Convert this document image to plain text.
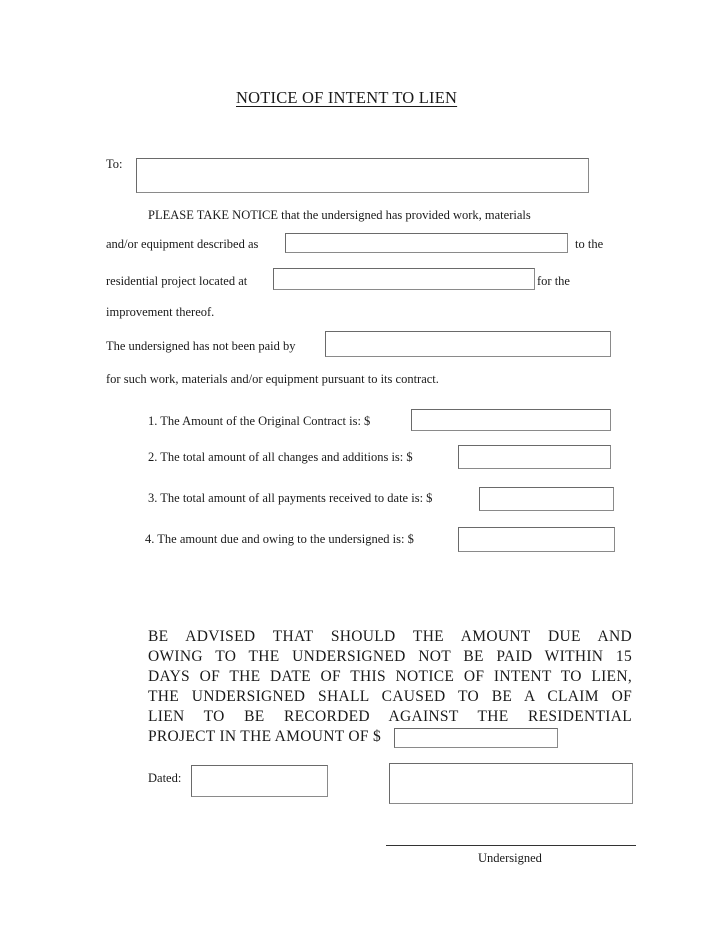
NOTICE OF INTENT TO LIEN
To:
PLEASE TAKE NOTICE that the undersigned has provided work, materials
and/or equipment described as	to the
residential project located at	for the
improvement thereof.
The undersigned has not been paid by
for such work, materials and/or equipment pursuant to its contract.
1. The Amount of the Original Contract is: $
2. The total amount of all changes and additions is: $
3. The total amount of all payments received to date is: $
4. The amount due and owing to the undersigned is: $
BE ADVISED THAT SHOULD THE AMOUNT DUE AND
OWING TO THE UNDERSIGNED NOT BE PAID WITHIN 15
DAYS OF THE DATE OF THIS NOTICE OF INTENT TO LIEN,
THE UNDERSIGNED SHALL CAUSED TO BE A CLAIM OF
LIEN TO BE RECORDED AGAINST THE RESIDENTIAL
PROJECT IN THE AMOUNT OF $
Dated:
Undersigned
